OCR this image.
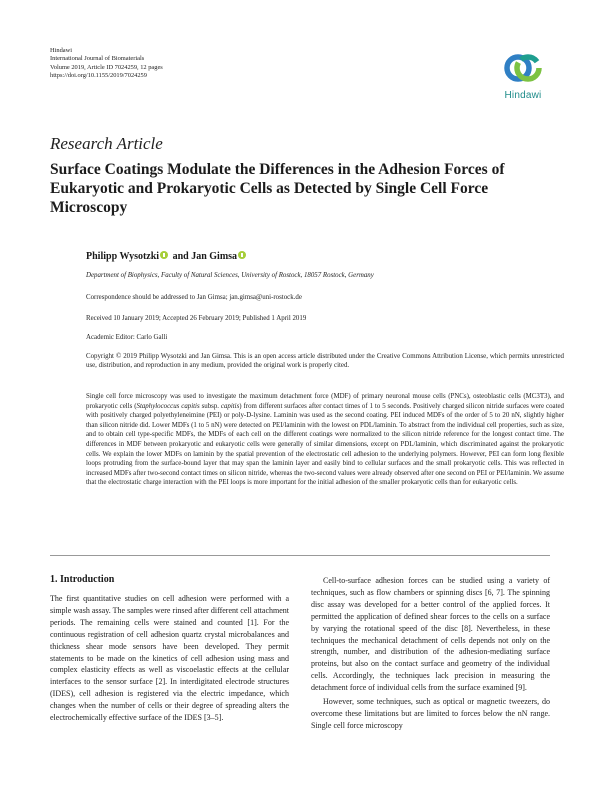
Hindawi
International Journal of Biomaterials
Volume 2019, Article ID 7024259, 12 pages
https://doi.org/10.1155/2019/7024259
Hindawi
Research Article
Surface Coatings Modulate the Differences in the Adhesion Forces of Eukaryotic and Prokaryotic Cells as Detected by Single Cell Force Microscopy
Philipp Wysotzki and Jan Gimsa
Department of Biophysics, Faculty of Natural Sciences, University of Rostock, 18057 Rostock, Germany
Correspondence should be addressed to Jan Gimsa; jan.gimsa@uni-rostock.de
Received 10 January 2019; Accepted 26 February 2019; Published 1 April 2019
Academic Editor: Carlo Galli

Copyright © 2019 Philipp Wysotzki and Jan Gimsa. This is an open access article distributed under the Creative Commons Attribution License, which permits unrestricted use, distribution, and reproduction in any medium, provided the original work is properly cited.

Single cell force microscopy was used to investigate the maximum detachment force (MDF) of primary neuronal mouse cells (PNCs), osteoblastic cells (MC3T3), and prokaryotic cells (Staphylococcus capitis subsp. capitis) from different surfaces after contact times of 1 to 5 seconds. Positively charged silicon nitride surfaces were coated with positively charged polyethyleneimine (PEI) or poly-D-lysine. Laminin was used as the second coating. PEI induced MDFs of the order of 5 to 20 nN, slightly higher than silicon nitride did. Lower MDFs (1 to 5 nN) were detected on PEI/laminin with the lowest on PDL/laminin. To abstract from the individual cell properties, such as size, and to obtain cell type-specific MDFs, the MDFs of each cell on the different coatings were normalized to the silicon nitride reference for the longest contact time. The differences in MDF between prokaryotic and eukaryotic cells were generally of similar dimensions, except on PDL/laminin, which discriminated against the prokaryotic cells. We explain the lower MDFs on laminin by the spatial prevention of the electrostatic cell adhesion to the underlying polymers. However, PEI can form long flexible loops protruding from the surface-bound layer that may span the laminin layer and easily bind to cellular surfaces and the small prokaryotic cells. This was reflected in increased MDFs after two-second contact times on silicon nitride, whereas the two-second values were already observed after one second on PEI or PEI/laminin. We assume that the electrostatic charge interaction with the PEI loops is more important for the initial adhesion of the smaller prokaryotic cells than for eukaryotic cells.

1. Introduction

The first quantitative studies on cell adhesion were performed with a simple wash assay. The samples were rinsed after different cell attachment periods. The remaining cells were stained and counted [1]. For the continuous registration of cell adhesion quartz crystal microbalances and thickness shear mode sensors have been developed. They permit statements to be made on the kinetics of cell adhesion using mass and complex elasticity effects as well as viscoelastic effects at the cellular interfaces to the sensor surface [2]. In interdigitated electrode structures (IDES), cell adhesion is registered via the electric impedance, which changes when the number of cells or their degree of spreading alters the electrochemically effective surface of the IDES [3–5].

Cell-to-surface adhesion forces can be studied using a variety of techniques, such as flow chambers or spinning discs [6, 7]. The spinning disc assay was developed for a better control of the applied forces. It permitted the application of defined shear forces to the cells on a surface by varying the rotational speed of the disc [8]. Nevertheless, in these techniques the mechanical detachment of cells depends not only on the strength, number, and distribution of the adhesion-mediating surface proteins, but also on the contact surface and geometry of the individual cells. Accordingly, the techniques lack precision in measuring the detachment force of individual cells from the surface examined [9].

However, some techniques, such as optical or magnetic tweezers, do overcome these limitations but are limited to forces below the nN range. Single cell force microscopy
